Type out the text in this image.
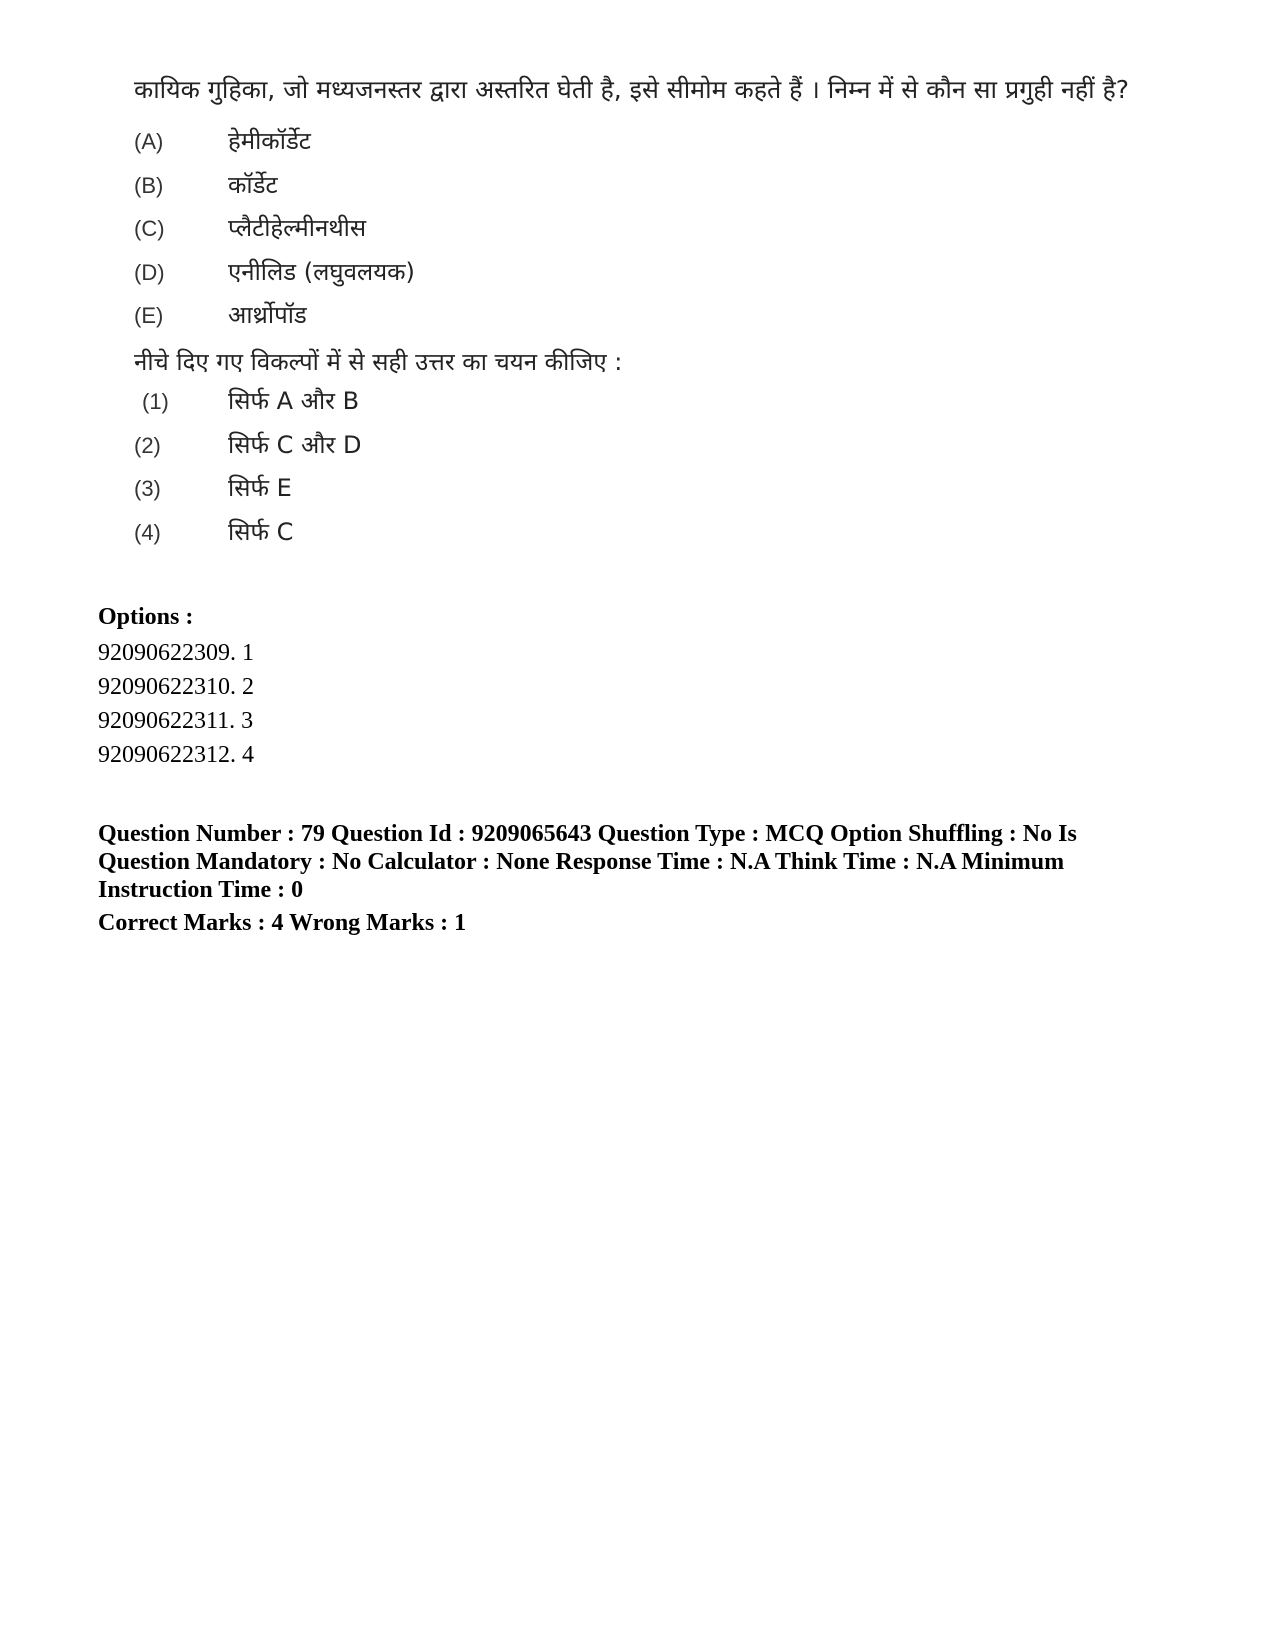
कायिक गुहिका, जो मध्यजनस्तर द्वारा अस्तरित घेती है, इसे सीमोम कहते हैं । निम्न में से कौन सा प्रगुही नहीं है?

(A)	हेमीकॉर्डेट
(B)	कॉर्डेट
(C)	प्लैटीहेल्मीनथीस
(D)	एनीलिड (लघुवलयक)
(E)	आर्थ्रोपॉड

नीचे दिए गए विकल्पों में से सही उत्तर का चयन कीजिए :

(1)	सिर्फ A और B
(2)	सिर्फ C और D
(3)	सिर्फ E
(4)	सिर्फ C
Options :
92090622309. 1
92090622310. 2
92090622311. 3
92090622312. 4
Question Number : 79 Question Id : 9209065643 Question Type : MCQ Option Shuffling : No Is Question Mandatory : No Calculator : None Response Time : N.A Think Time : N.A Minimum Instruction Time : 0
Correct Marks : 4 Wrong Marks : 1
